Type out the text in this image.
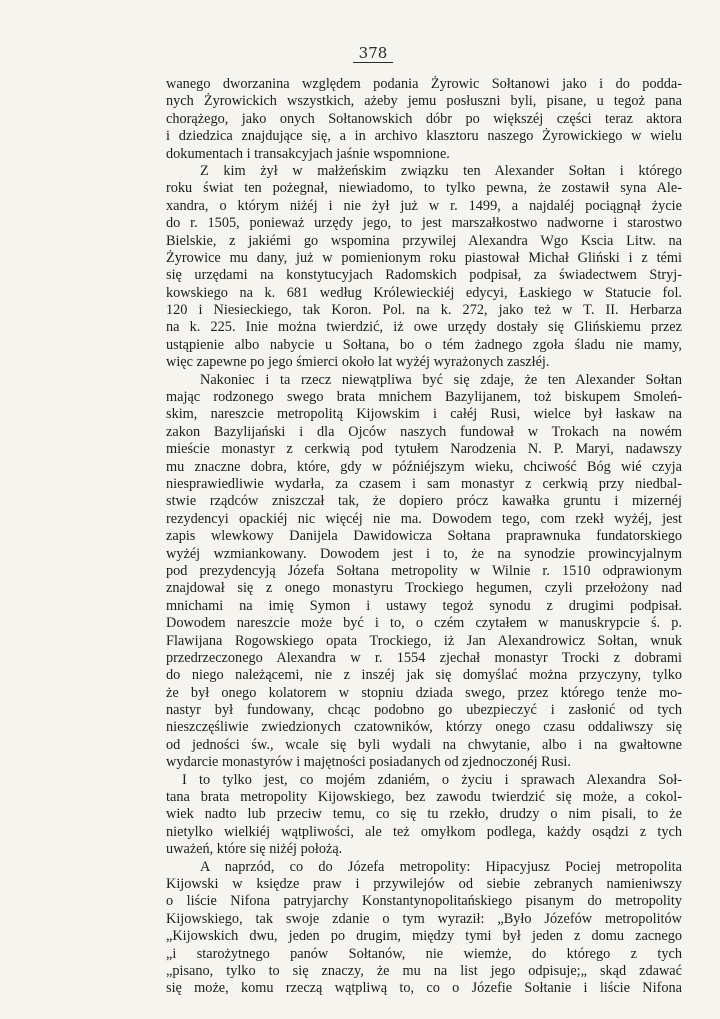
378
wanego dworzanina względem podania Żyrowic Sołtanowi jako i do podda-
nych Żyrowickich wszystkich, ażeby jemu posłuszni byli, pisane, u tegoż pana
chorążego, jako onych Sołtanowskich dóbr po większéj części teraz aktora
i dziedzica znajdujące się, a in archivo klasztoru naszego Żyrowickiego w wielu
dokumentach i transakcyjach jaśnie wspomnione.
Z kim żył w małżeńskim związku ten Alexander Sołtan i którego
roku świat ten pożegnał, niewiadomo, to tylko pewna, że zostawił syna Ale-
xandra, o którym niżéj i nie żył już w r. 1499, a najdaléj pociągnął życie
do r. 1505, ponieważ urzędy jego, to jest marszałkostwo nadworne i starostwo
Bielskie, z jakiémi go wspomina przywilej Alexandra Wgo Ksci̇a Litw. na
Żyrowice mu dany, już w pomienionym roku piastował Michał Gliński i z témi
się urzędami na konstytucyjach Radomskich podpisał, za świadectwem Stryj-
kowskiego na k. 681 według Królewieckiéj edycyi, Łaskiego w Statucie fol.
120 i Niesieckiego, tak Koron. Pol. na k. 272, jako też w T. II. Herbarza
na k. 225. Inie można twierdzić, iż owe urzędy dostały się Glińskiemu przez
ustąpienie albo nabycie u Sołtana, bo o tém żadnego zgoła śladu nie mamy,
więc zapewne po jego śmierci około lat wyżéj wyrażonych zaszłéj.
Nakoniec i ta rzecz niewątpliwa być się zdaje, że ten Alexander Sołtan
mając rodzonego swego brata mnichem Bazylijanem, toż biskupem Smoleń-
skim, nareszcie metropolitą Kijowskim i całéj Rusi, wielce był łaskaw na
zakon Bazylijański i dla Ojców naszych fundował w Trokach na nowém
mieście monastyr z cerkwią pod tytułem Narodzenia N. P. Maryi, nadawszy
mu znaczne dobra, które, gdy w późniéjszym wieku, chciwość Bóg wié czyja
niesprawiedliwie wydarła, za czasem i sam monastyr z cerkwią przy niedbal-
stwie rządców zniszczał tak, że dopiero prócz kawałka gruntu i mizernéj
rezydencyi opackiéj nic więcéj nie ma. Dowodem tego, com rzekł wyżéj, jest
zapis wlewkowy Danijela Dawidowicza Sołtana praprawnuka fundatorskiego
wyżéj wzmiankowany. Dowodem jest i to, że na synodzie prowincyjalnym
pod prezydencyją Józefa Sołtana metropolity w Wilnie r. 1510 odprawionym
znajdował się z onego monastyru Trockiego hegumen, czyli przełożony nad
mnichami na imię Symon i ustawy tegoż synodu z drugimi podpisał.
Dowodem nareszcie może być i to, o czém czytałem w manuskrypcie ś. p.
Flawijana Rogowskiego opata Trockiego, iż Jan Alexandrowicz Sołtan, wnuk
przedrzeczonego Alexandra w r. 1554 zjechał monastyr Trocki z dobrami
do niego należącemi, nie z inszéj jak się domyślać można przyczyny, tylko
że był onego kolatorem w stopniu dziada swego, przez którego tenże mo-
nastyr był fundowany, chcąc podobno go ubezpieczyć i zasłonić od tych
nieszczęśliwie zwiedzionych czatowników, którzy onego czasu oddaliwszy się
od jedności św., wcale się byli wydali na chwytanie, albo i na gwałtowne
wydarcie monastyrów i majętności posiadanych od zjednoczonéj Rusi.
I to tylko jest, co mojém zdaniém, o życiu i sprawach Alexandra Soł-
tana brata metropolity Kijowskiego, bez zawodu twierdzić się może, a cokol-
wiek nadto lub przeciw temu, co się tu rzekło, drudzy o nim pisali, to że
nietylko wielkiéj wątpliwości, ale też omyłkom podlega, każdy osądzi z tych
uważeń, które się niżéj położą.
A naprzód, co do Józefa metropolity: Hipacyjusz Pociej metropolita
Kijowski w księdze praw i przywilejów od siebie zebranych namieniwszy
o liście Nifona patryjarchy Konstantynopolitańskiego pisanym do metropolity
Kijowskiego, tak swoje zdanie o tym wyraził: „Było Józefów metropolitów
„Kijowskich dwu, jeden po drugim, między tymi był jeden z domu zacnego
„i starożytnego panów Sołtanów, nie wiemże, do którego z tych
„pisano, tylko to się znaczy, że mu na list jego odpisuje;„ skąd zdawać
się może, komu rzeczą wątpliwą to, co o Józefie Sołtanie i liście Nifona
